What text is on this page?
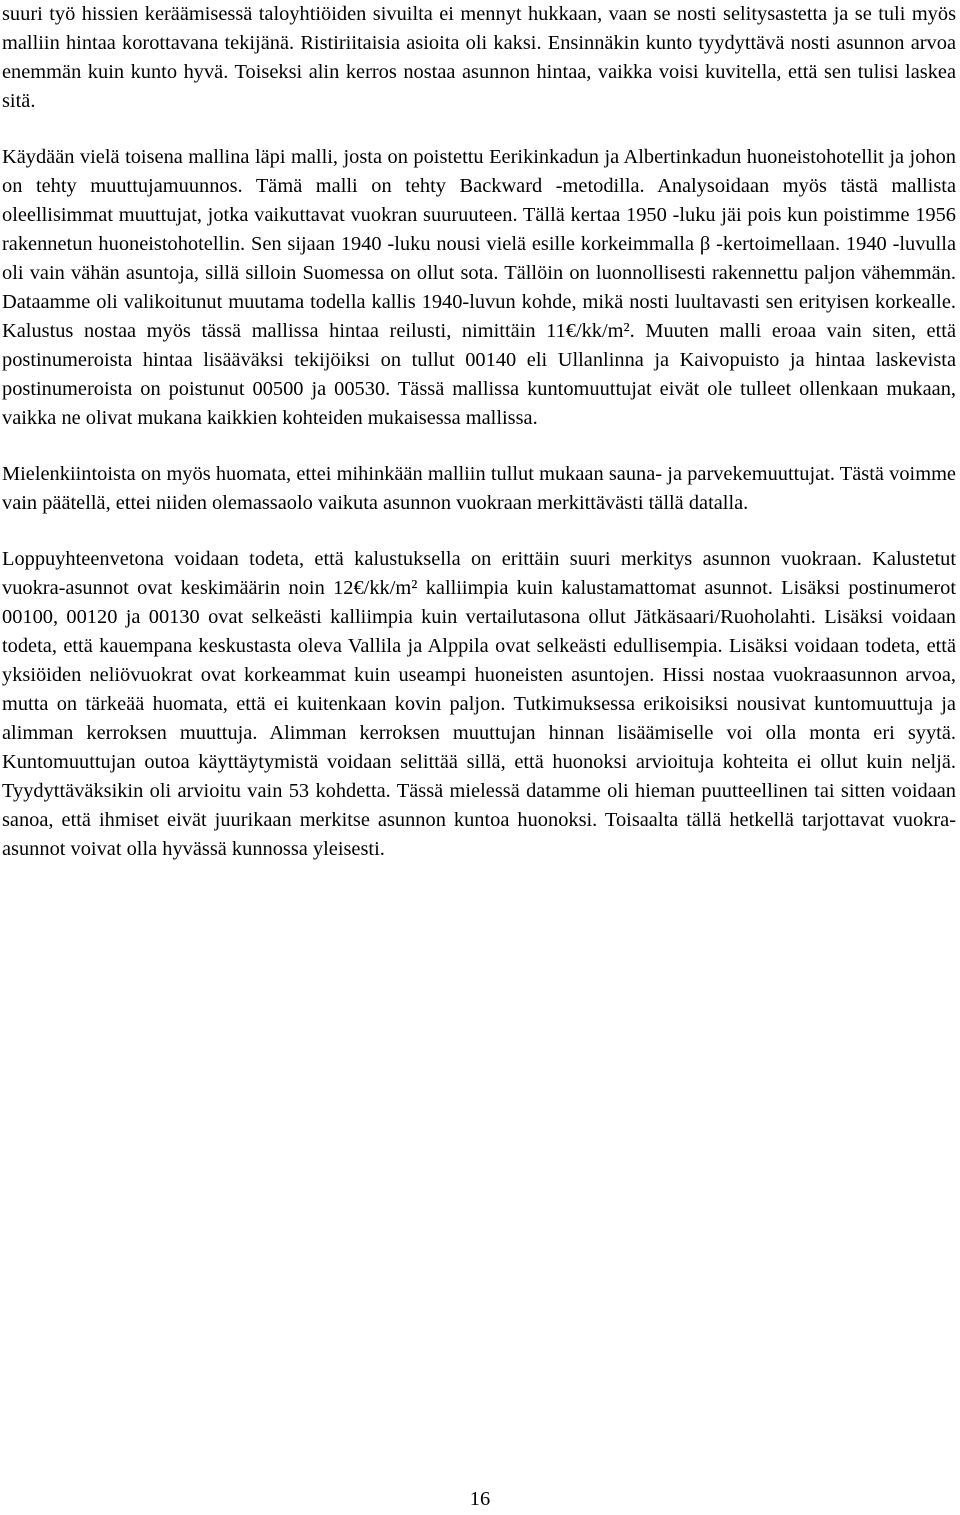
suuri työ hissien keräämisessä taloyhtiöiden sivuilta ei mennyt hukkaan, vaan se nosti selitysastetta ja se tuli myös malliin hintaa korottavana tekijänä. Ristiriitaisia asioita oli kaksi. Ensinnäkin kunto tyydyttävä nosti asunnon arvoa enemmän kuin kunto hyvä. Toiseksi alin kerros nostaa asunnon hintaa, vaikka voisi kuvitella, että sen tulisi laskea sitä.

Käydään vielä toisena mallina läpi malli, josta on poistettu Eerikinkadun ja Albertinkadun huoneistohotellit ja johon on tehty muuttujamuunnos. Tämä malli on tehty Backward -metodilla. Analysoidaan myös tästä mallista oleellisimmat muuttujat, jotka vaikuttavat vuokran suuruuteen. Tällä kertaa 1950 -luku jäi pois kun poistimme 1956 rakennetun huoneistohotellin. Sen sijaan 1940 -luku nousi vielä esille korkeimmalla β -kertoimellaan. 1940 -luvulla oli vain vähän asuntoja, sillä silloin Suomessa on ollut sota. Tällöin on luonnollisesti rakennettu paljon vähemmän. Dataamme oli valikoitunut muutama todella kallis 1940-luvun kohde, mikä nosti luultavasti sen erityisen korkealle. Kalustus nostaa myös tässä mallissa hintaa reilusti, nimittäin 11€/kk/m². Muuten malli eroaa vain siten, että postinumeroista hintaa lisääväksi tekijöiksi on tullut 00140 eli Ullanlinna ja Kaivopuisto ja hintaa laskevista postinumeroista on poistunut 00500 ja 00530. Tässä mallissa kuntomuuttujat eivät ole tulleet ollenkaan mukaan, vaikka ne olivat mukana kaikkien kohteiden mukaisessa mallissa.

Mielenkiintoista on myös huomata, ettei mihinkään malliin tullut mukaan sauna- ja parvekemuuttujat. Tästä voimme vain päätellä, ettei niiden olemassaolo vaikuta asunnon vuokraan merkittävästi tällä datalla.

Loppuyhteenvetona voidaan todeta, että kalustuksella on erittäin suuri merkitys asunnon vuokraan. Kalustetut vuokra-asunnot ovat keskimäärin noin 12€/kk/m² kalliimpia kuin kalustamattomat asunnot. Lisäksi postinumerot 00100, 00120 ja 00130 ovat selkeästi kalliimpia kuin vertailutasona ollut Jätkäsaari/Ruoholahti. Lisäksi voidaan todeta, että kauempana keskustasta oleva Vallila ja Alppila ovat selkeästi edullisempia. Lisäksi voidaan todeta, että yksiöiden neliövuokrat ovat korkeammat kuin useampi huoneisten asuntojen. Hissi nostaa vuokraasunnon arvoa, mutta on tärkeää huomata, että ei kuitenkaan kovin paljon. Tutkimuksessa erikoisiksi nousivat kuntomuuttuja ja alimman kerroksen muuttuja. Alimman kerroksen muuttujan hinnan lisäämiselle voi olla monta eri syytä. Kuntomuuttujan outoa käyttäytymistä voidaan selittää sillä, että huonoksi arvioituja kohteita ei ollut kuin neljä. Tyydyttäväksikin oli arvioitu vain 53 kohdetta. Tässä mielessä datamme oli hieman puutteellinen tai sitten voidaan sanoa, että ihmiset eivät juurikaan merkitse asunnon kuntoa huonoksi. Toisaalta tällä hetkellä tarjottavat vuokra-asunnot voivat olla hyvässä kunnossa yleisesti.

16
